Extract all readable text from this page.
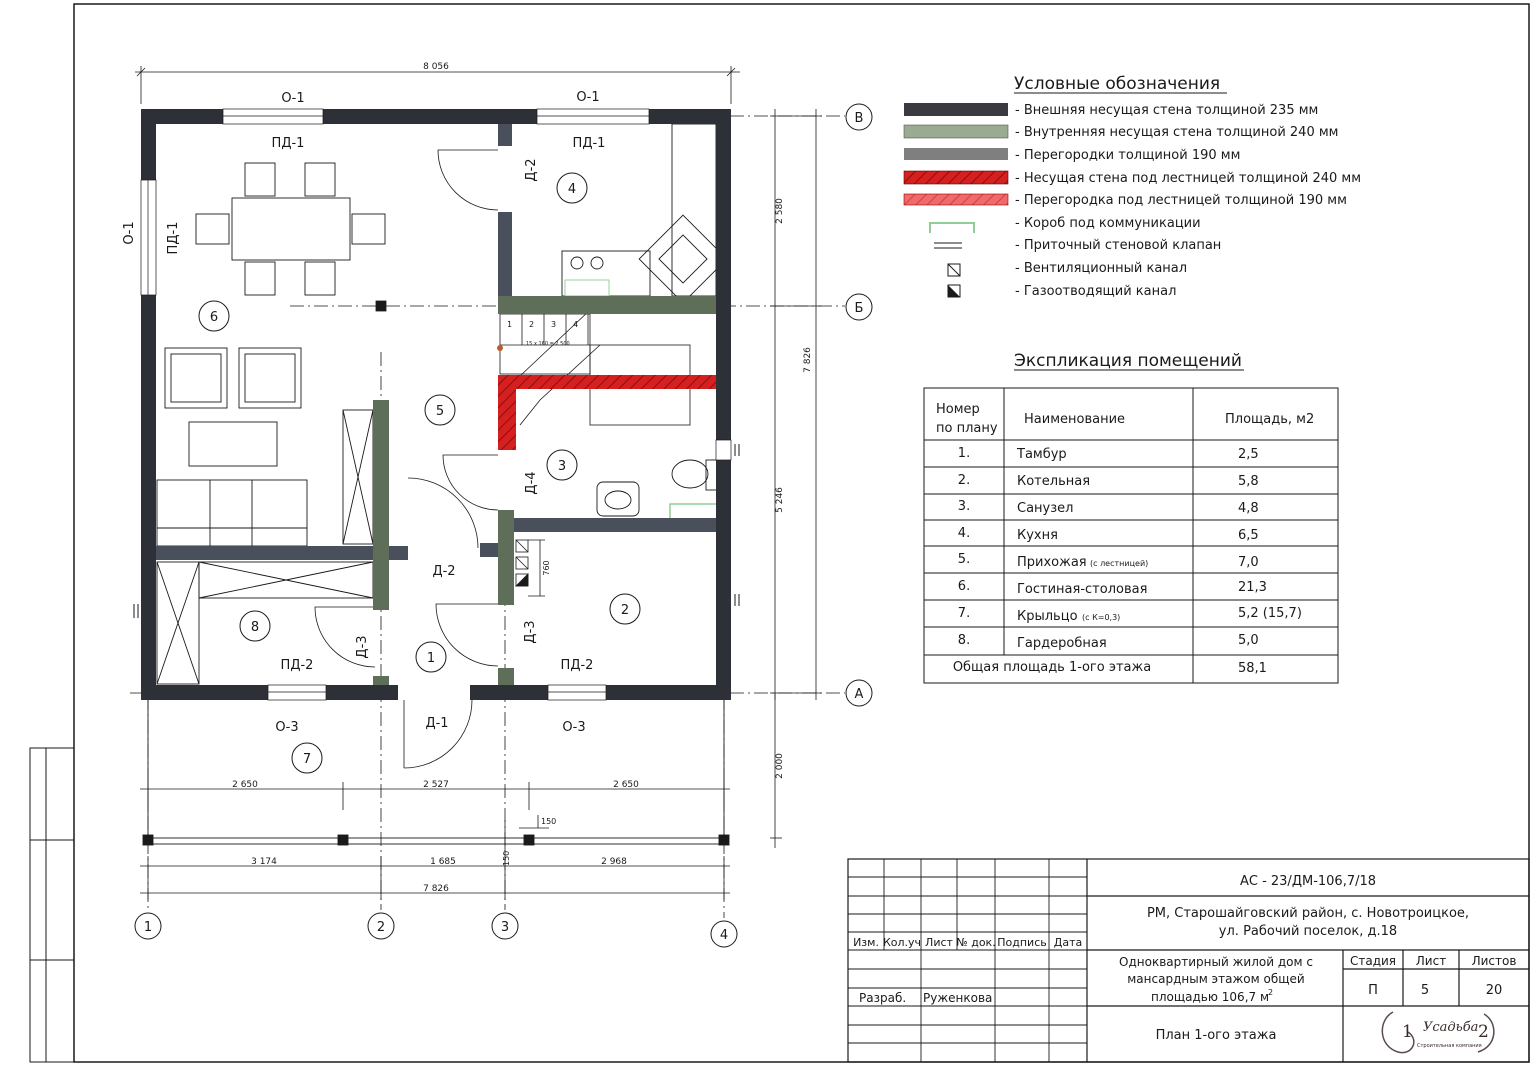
1 2 3 4
15 x 160 = 2 500
8 056
2 580
7 826
5 246
2 000
2 650	2 527	2 650
3 174	1 685	2 968
7 826
150
150
760
1	2	3
4
В
Б
А
О-1	О-1
О-1
О-3	О-3
ПД-1	ПД-1
ПД-1
ПД-2	ПД-2
Д-2
Д-4
Д-2
Д-3
Д-3
Д-1
1
2
3
4
5
6
7
8
Условные обозначения
- Внешняя несущая стена толщиной 235 мм
- Внутренняя несущая стена толщиной 240 мм
- Перегородки толщиной 190 мм
- Несущая стена под лестницей толщиной 240 мм
- Перегородка под лестницей толщиной 190 мм
- Короб под коммуникации
- Приточный стеновой клапан
- Вентиляционный канал
- Газоотводящий канал
Экспликация помещений
Номер
по плану
Наименование	Площадь, м2
1.	Тамбур	2,5
2.	Котельная	5,8
3.	Санузел	4,8
4.	Кухня	6,5
5.	Прихожая (с лестницей)	7,0
6.	Гостиная-столовая	21,3
7.	Крыльцо (с К=0,3)	5,2 (15,7)
8.	Гардеробная	5,0
Общая площадь 1-ого этажа	58,1
Изм. Кол.уч Лист № док. Подпись Дата
Разраб. Руженкова
АС - 23/ДМ-106,7/18
РМ, Старошайговский район, с. Новотроицкое,
ул. Рабочий поселок, д.18
Одноквартирный жилой дом с
мансардным этажом общей
площадью 106,7 м
2
План 1-ого этажа
Стадия Лист Листов
П	5	20
1 Усадьба 2
Строительная компания
